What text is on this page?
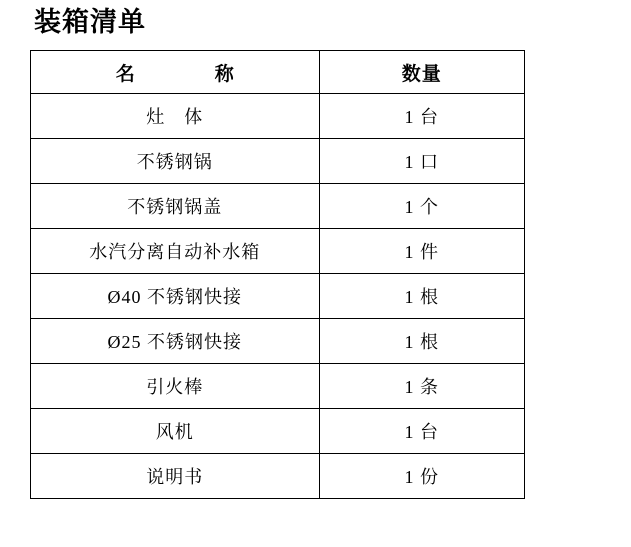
装箱清单
名　　称	数量
灶　体	1 台
不锈钢锅	1 口
不锈钢锅盖	1 个
水汽分离自动补水箱	1 件
Ø40 不锈钢快接	1 根
Ø25 不锈钢快接	1 根
引火棒	1 条
风机	1 台
说明书	1 份
